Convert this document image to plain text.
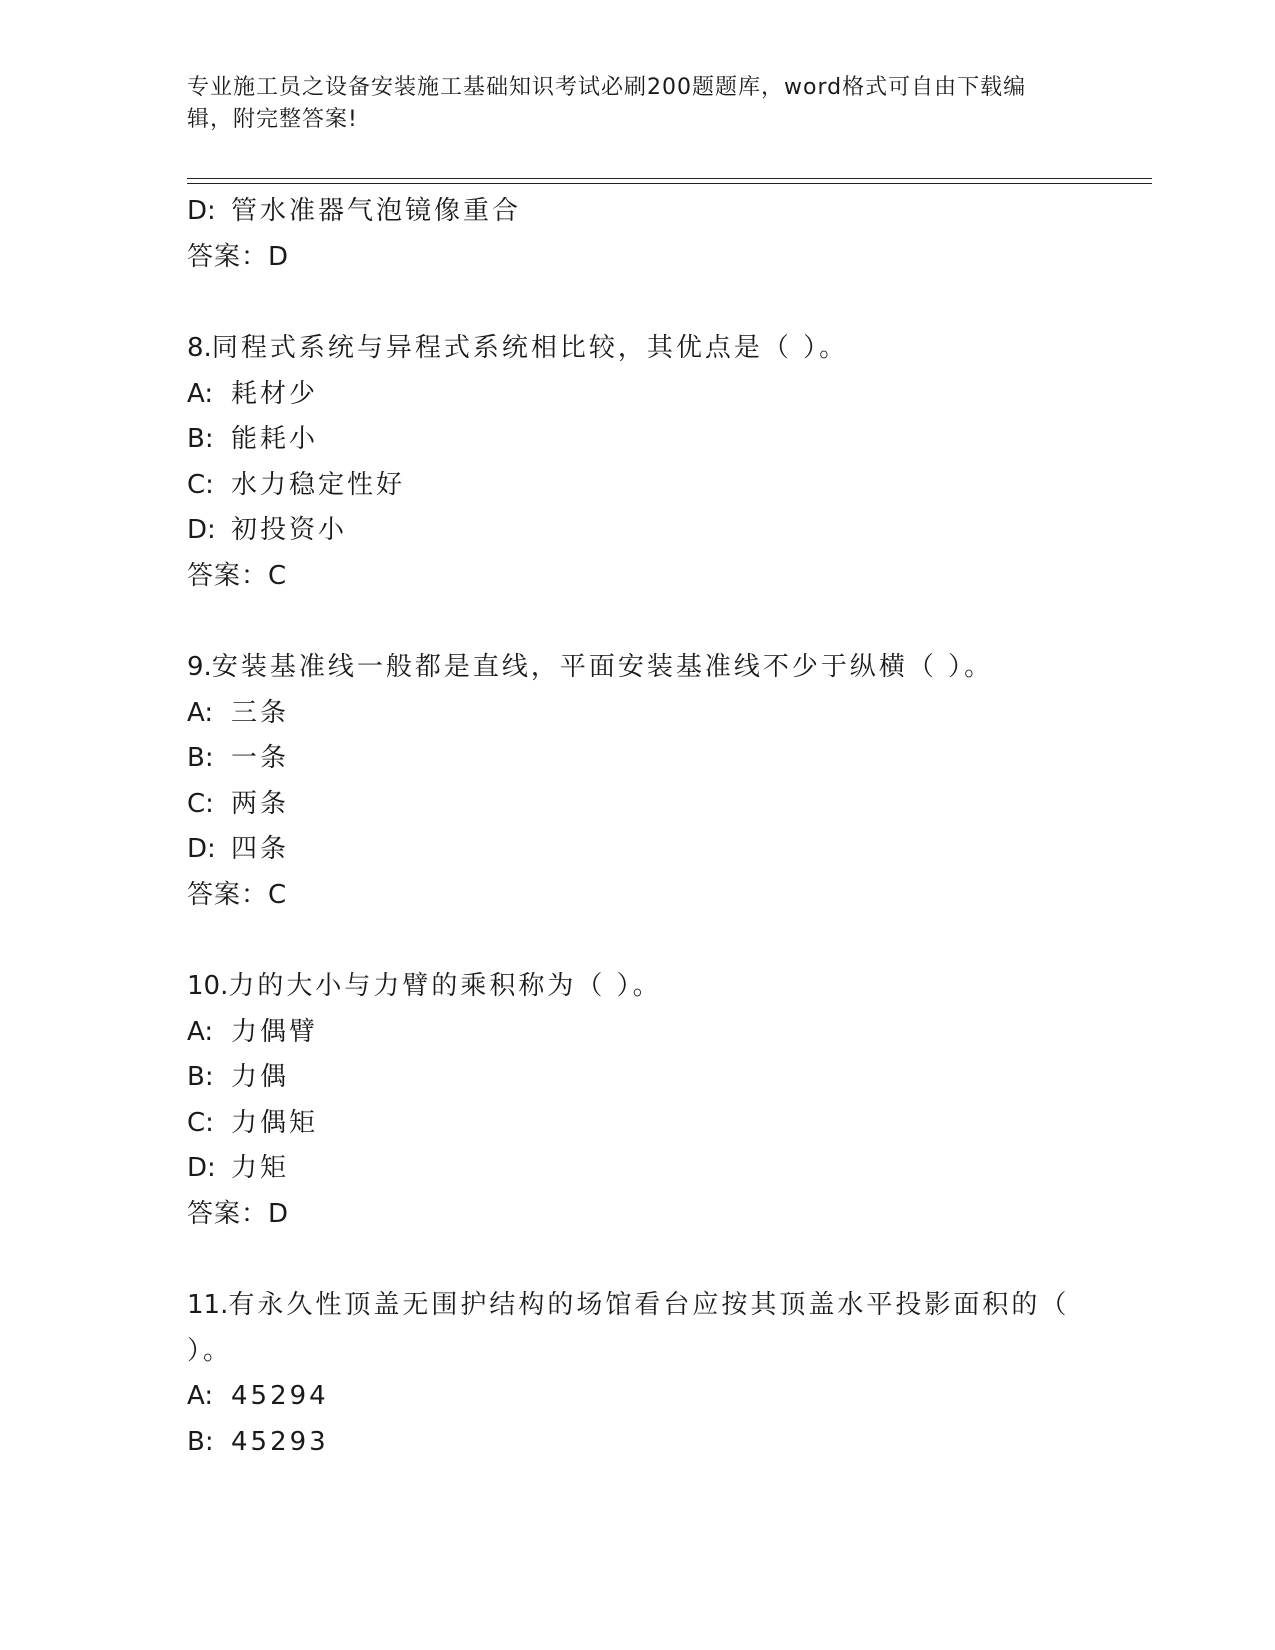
专业施工员之设备安装施工基础知识考试必刷200题题库，word格式可自由下载编辑，附完整答案!
D: 管水准器气泡镜像重合
答案：D
8.同程式系统与异程式系统相比较，其优点是（ ）。
A: 耗材少
B: 能耗小
C: 水力稳定性好
D: 初投资小
答案：C
9.安装基准线一般都是直线，平面安装基准线不少于纵横（ ）。
A: 三条
B: 一条
C: 两条
D: 四条
答案：C
10.力的大小与力臂的乘积称为（ ）。
A: 力偶臂
B: 力偶
C: 力偶矩
D: 力矩
答案：D
11.有永久性顶盖无围护结构的场馆看台应按其顶盖水平投影面积的（ ）。
A: 45294
B: 45293
